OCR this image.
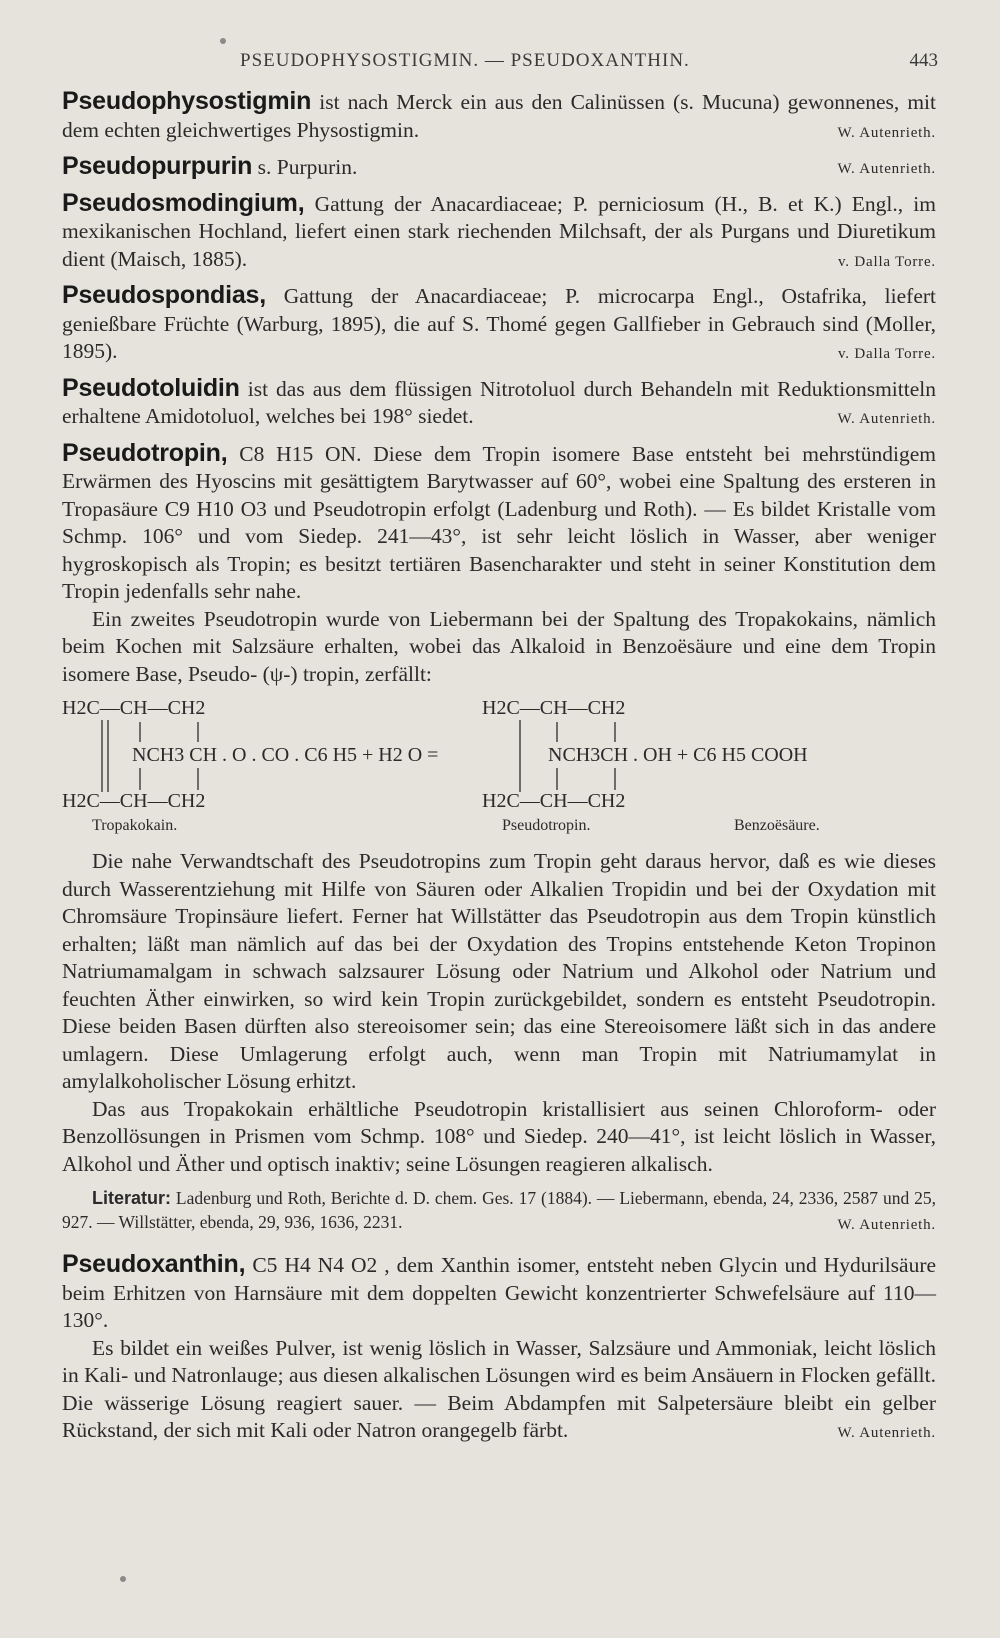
PSEUDOPHYSOSTIGMIN. — PSEUDOXANTHIN.	443
Pseudophysostigmin ist nach Merck ein aus den Calinüssen (s. Mucuna) gewonnenes, mit dem echten gleichwertiges Physostigmin.	W. Autenrieth.
Pseudopurpurin s. Purpurin.	W. Autenrieth.
Pseudosmodingium, Gattung der Anacardiaceae; P. perniciosum (H., B. et K.) Engl., im mexikanischen Hochland, liefert einen stark riechenden Milchsaft, der als Purgans und Diuretikum dient (Maisch, 1885).	v. Dalla Torre.
Pseudospondias, Gattung der Anacardiaceae; P. microcarpa Engl., Ostafrika, liefert genießbare Früchte (Warburg, 1895), die auf S. Thomé gegen Gallfieber in Gebrauch sind (Moller, 1895).	v. Dalla Torre.
Pseudotoluidin ist das aus dem flüssigen Nitrotoluol durch Behandeln mit Reduktionsmitteln erhaltene Amidotoluol, welches bei 198° siedet.	W. Autenrieth.

Pseudotropin, C8 H15 ON. Diese dem Tropin isomere Base entsteht bei mehrstündigem Erwärmen des Hyoscins mit gesättigtem Barytwasser auf 60°, wobei eine Spaltung des ersteren in Tropasäure C9 H10 O3 und Pseudotropin erfolgt (Ladenburg und Roth). — Es bildet Kristalle vom Schmp. 106° und vom Siedep. 241—43°, ist sehr leicht löslich in Wasser, aber weniger hygroskopisch als Tropin; es besitzt tertiären Basencharakter und steht in seiner Konstitution dem Tropin jedenfalls sehr nahe.

Ein zweites Pseudotropin wurde von Liebermann bei der Spaltung des Tropakokains, nämlich beim Kochen mit Salzsäure erhalten, wobei das Alkaloid in Benzoësäure und eine dem Tropin isomere Base, Pseudo- (ψ-) tropin, zerfällt:

H2C—CH—CH2
NCH3 CH . O . CO . C6 H5 + H2 O =
H2C—CH—CH2
Tropakokain.
H2C—CH—CH2
NCH3CH . OH + C6 H5 COOH
H2C—CH—CH2
Pseudotropin.	Benzoësäure.

Die nahe Verwandtschaft des Pseudotropins zum Tropin geht daraus hervor, daß es wie dieses durch Wasserentziehung mit Hilfe von Säuren oder Alkalien Tropidin und bei der Oxydation mit Chromsäure Tropinsäure liefert. Ferner hat Willstätter das Pseudotropin aus dem Tropin künstlich erhalten; läßt man nämlich auf das bei der Oxydation des Tropins entstehende Keton Tropinon Natriumamalgam in schwach salzsaurer Lösung oder Natrium und Alkohol oder Natrium und feuchten Äther einwirken, so wird kein Tropin zurückgebildet, sondern es entsteht Pseudotropin. Diese beiden Basen dürften also stereoisomer sein; das eine Stereoisomere läßt sich in das andere umlagern. Diese Umlagerung erfolgt auch, wenn man Tropin mit Natriumamylat in amylalkoholischer Lösung erhitzt.

Das aus Tropakokain erhältliche Pseudotropin kristallisiert aus seinen Chloroform- oder Benzollösungen in Prismen vom Schmp. 108° und Siedep. 240—41°, ist leicht löslich in Wasser, Alkohol und Äther und optisch inaktiv; seine Lösungen reagieren alkalisch.

Literatur: Ladenburg und Roth, Berichte d. D. chem. Ges. 17 (1884). — Liebermann, ebenda, 24, 2336, 2587 und 25, 927. — Willstätter, ebenda, 29, 936, 1636, 2231.	W. Autenrieth.

Pseudoxanthin, C5 H4 N4 O2 , dem Xanthin isomer, entsteht neben Glycin und Hydurilsäure beim Erhitzen von Harnsäure mit dem doppelten Gewicht konzentrierter Schwefelsäure auf 110—130°.

Es bildet ein weißes Pulver, ist wenig löslich in Wasser, Salzsäure und Ammoniak, leicht löslich in Kali- und Natronlauge; aus diesen alkalischen Lösungen wird es beim Ansäuern in Flocken gefällt. Die wässerige Lösung reagiert sauer. — Beim Abdampfen mit Salpetersäure bleibt ein gelber Rückstand, der sich mit Kali oder Natron orangegelb färbt.	W. Autenrieth.
